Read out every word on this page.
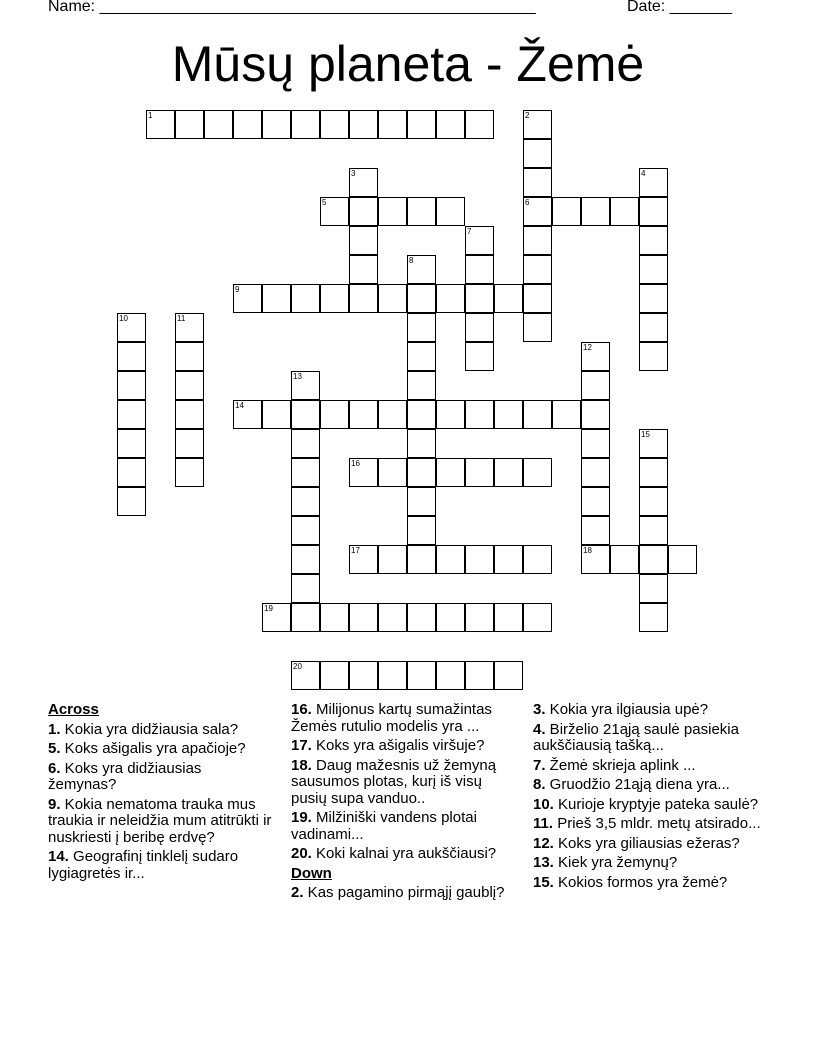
Name: _________________________________________________	Date: _______
Mūsų planeta - Žemė
1	2
3	4
5	6
7
8
9
10	11
12
13
14
15
16
17	18
19
20
Across
1. Kokia yra didžiausia sala?
5. Koks ašigalis yra apačioje?
6. Koks yra didžiausias žemynas?
9. Kokia nematoma trauka mus traukia ir neleidžia mum atitrūkti ir nuskriesti į beribę erdvę?
14. Geografinį tinklelį sudaro lygiagretės ir...
16. Milijonus kartų sumažintas Žemės rutulio modelis yra ...
17. Koks yra ašigalis viršuje?
18. Daug mažesnis už žemyną sausumos plotas, kurį iš visų pusių supa vanduo..
19. Milžiniški vandens plotai vadinami...
20. Koki kalnai yra aukščiausi?
Down
2. Kas pagamino pirmąjį gaublį?
3. Kokia yra ilgiausia upė?
4. Birželio 21ąją saulė pasiekia aukščiausią tašką...
7. Žemė skrieja aplink ...
8. Gruodžio 21ąją diena yra...
10. Kurioje kryptyje pateka saulė?
11. Prieš 3,5 mldr. metų atsirado...
12. Koks yra giliausias ežeras?
13. Kiek yra žemynų?
15. Kokios formos yra žemė?
